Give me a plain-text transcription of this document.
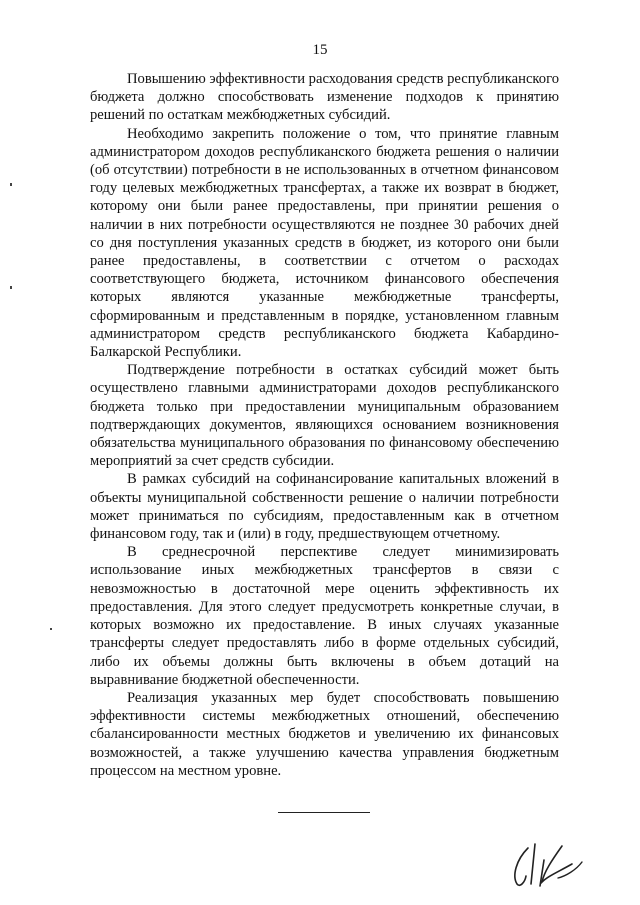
15

Повышению эффективности расходования средств республиканского бюджета должно способствовать изменение подходов к принятию решений по остаткам межбюджетных субсидий.

Необходимо закрепить положение о том, что принятие главным администратором доходов республиканского бюджета решения о наличии (об отсутствии) потребности в не использованных в отчетном финансовом году целевых межбюджетных трансфертах, а также их возврат в бюджет, которому они были ранее предоставлены, при принятии решения о наличии в них потребности осуществляются не позднее 30 рабочих дней со дня поступления указанных средств в бюджет, из которого они были ранее предоставлены, в соответствии с отчетом о расходах соответствующего бюджета, источником финансового обеспечения которых являются указанные межбюджетные трансферты, сформированным и представленным в порядке, установленном главным администратором средств республиканского бюджета Кабардино-Балкарской Республики.

Подтверждение потребности в остатках субсидий может быть осуществлено главными администраторами доходов республиканского бюджета только при предоставлении муниципальным образованием подтверждающих документов, являющихся основанием возникновения обязательства муниципального образования по финансовому обеспечению мероприятий за счет средств субсидии.

В рамках субсидий на софинансирование капитальных вложений в объекты муниципальной собственности решение о наличии потребности может приниматься по субсидиям, предоставленным как в отчетном финансовом году, так и (или) в году, предшествующем отчетному.

В среднесрочной перспективе следует минимизировать использование иных межбюджетных трансфертов в связи с невозможностью в достаточной мере оценить эффективность их предоставления. Для этого следует предусмотреть конкретные случаи, в которых возможно их предоставление. В иных случаях указанные трансферты следует предоставлять либо в форме отдельных субсидий, либо их объемы должны быть включены в объем дотаций на выравнивание бюджетной обеспеченности.

Реализация указанных мер будет способствовать повышению эффективности системы межбюджетных отношений, обеспечению сбалансированности местных бюджетов и увеличению их финансовых возможностей, а также улучшению качества управления бюджетным процессом на местном уровне.
